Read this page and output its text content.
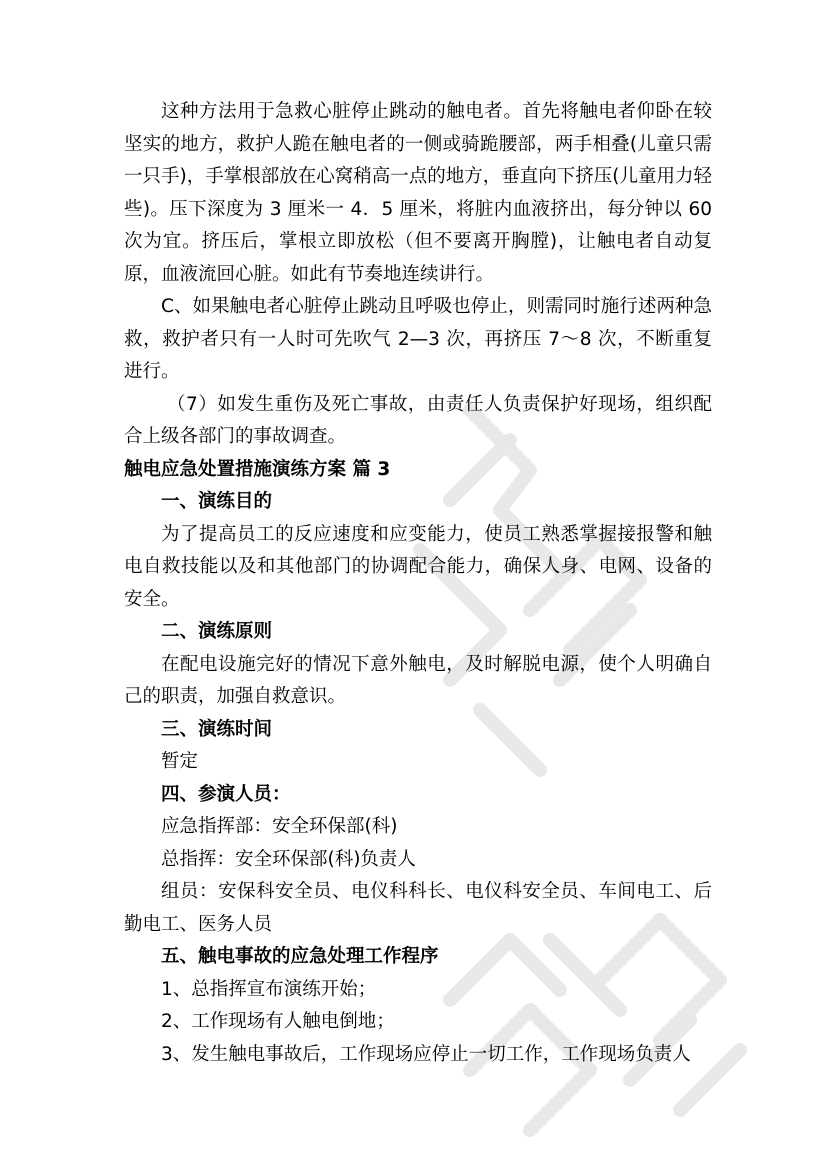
这种方法用于急救心脏停止跳动的触电者。首先将触电者仰卧在较坚实的地方，救护人跪在触电者的一侧或骑跪腰部，两手相叠(儿童只需一只手)，手掌根部放在心窝稍高一点的地方，垂直向下挤压(儿童用力轻些)。压下深度为 3 厘米一 4．5 厘米，将脏内血液挤出，每分钟以 60 次为宜。挤压后，掌根立即放松（但不要离开胸膛)，让触电者自动复原，血液流回心脏。如此有节奏地连续讲行。

C、如果触电者心脏停止跳动且呼吸也停止，则需同时施行述两种急救，救护者只有一人时可先吹气 2—3 次，再挤压 7～8 次，不断重复进行。

（7）如发生重伤及死亡事故，由责任人负责保护好现场，组织配合上级各部门的事故调查。

触电应急处置措施演练方案 篇 3

一、演练目的

为了提高员工的反应速度和应变能力，使员工熟悉掌握接报警和触电自救技能以及和其他部门的协调配合能力，确保人身、电网、设备的安全。

二、演练原则

在配电设施完好的情况下意外触电，及时解脱电源，使个人明确自己的职责，加强自救意识。

三、演练时间

暂定

四、参演人员：

应急指挥部：安全环保部(科)

总指挥：安全环保部(科)负责人

组员：安保科安全员、电仪科科长、电仪科安全员、车间电工、后勤电工、医务人员

五、触电事故的应急处理工作程序

1、总指挥宣布演练开始；

2、工作现场有人触电倒地；

3、发生触电事故后，工作现场应停止一切工作，工作现场负责人
